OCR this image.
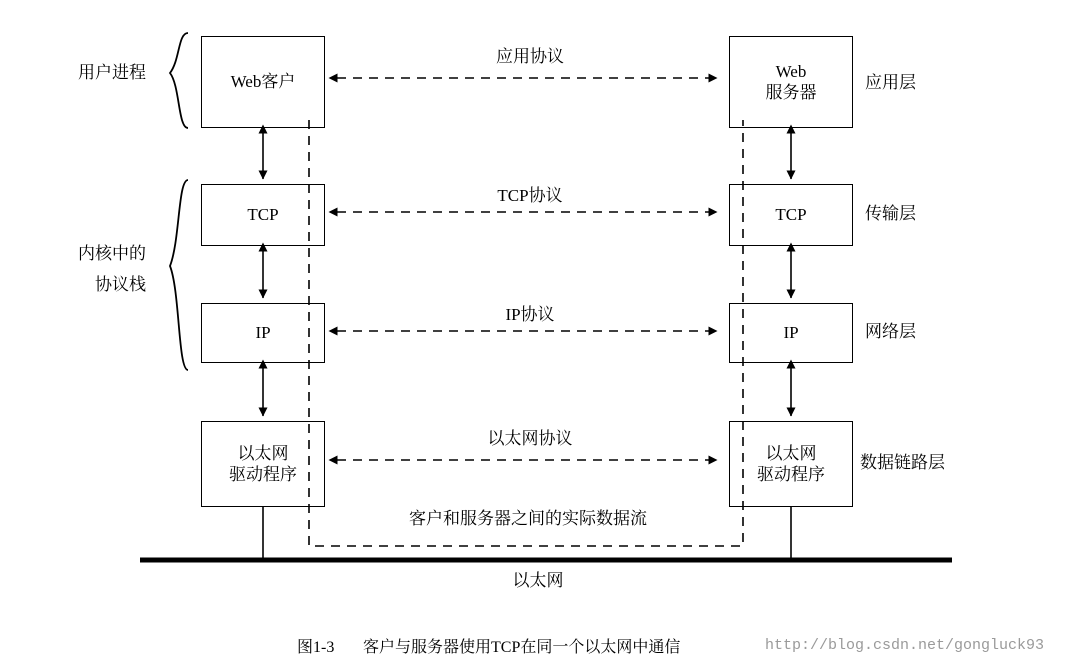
Web客户
TCP
IP
以太网
驱动程序
Web
服务器
TCP
IP
以太网
驱动程序
应用协议
TCP协议
IP协议
以太网协议
应用层
传输层
网络层
数据链路层
用户进程
内核中的
协议栈
客户和服务器之间的实际数据流
以太网
图1-3 客户与服务器使用TCP在同一个以太网中通信	http://blog.csdn.net/gongluck93
